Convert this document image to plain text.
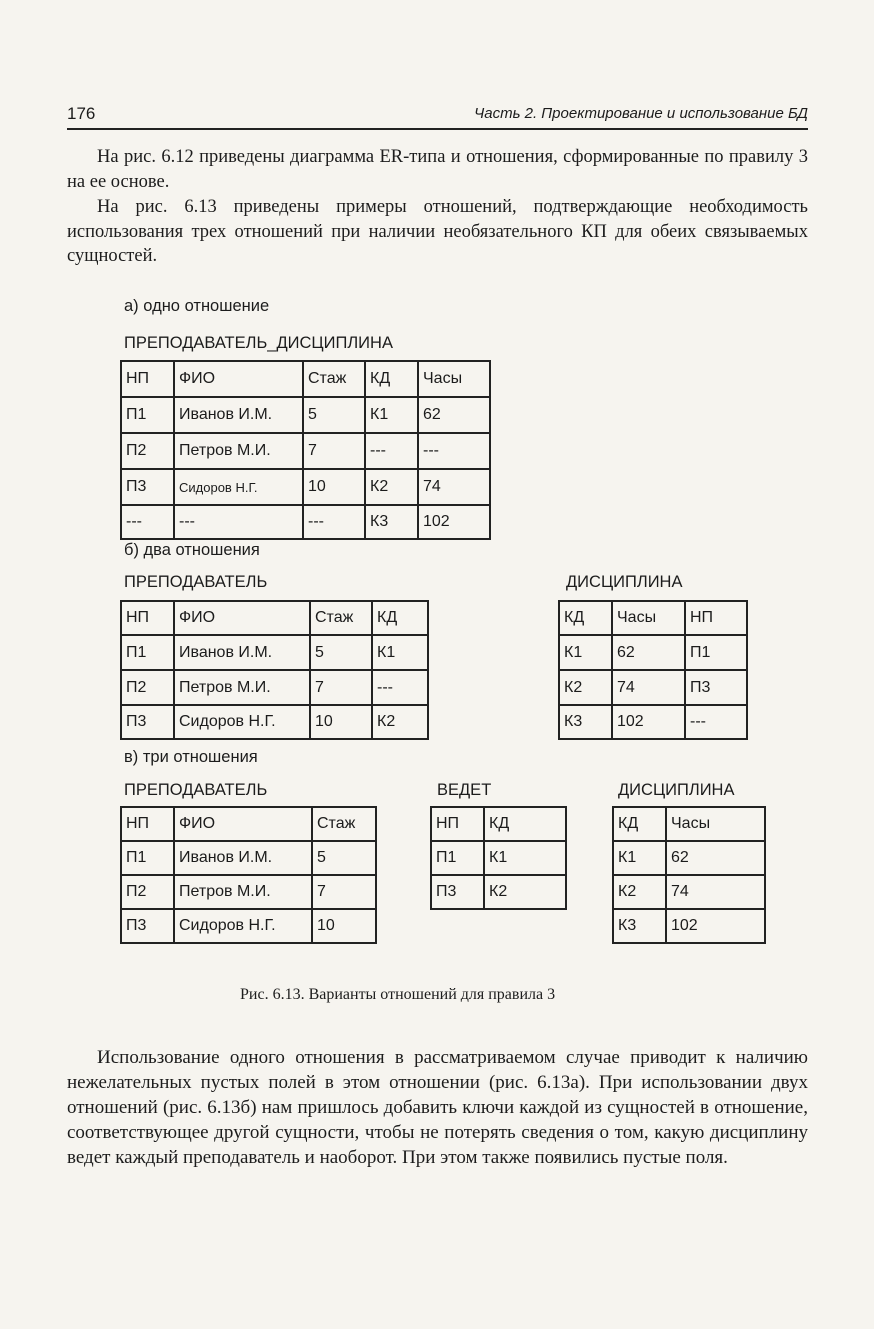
176	Часть 2. Проектирование и использование БД

На рис. 6.12 приведены диаграмма ER-типа и отношения, сформированные по правилу 3 на ее основе.

На рис. 6.13 приведены примеры отношений, подтверждающие необходимость использования трех отношений при наличии необязательного КП для обеих связываемых сущностей.

а) одно отношение
ПРЕПОДАВАТЕЛЬ_ДИСЦИПЛИНА
НП	ФИО	Стаж	КД	Часы
П1	Иванов И.М.	5	К1	62
П2	Петров М.И.	7	---	---
П3	Сидоров Н.Г.	10	К2	74
---	---	---	К3	102
б) два отношения
ПРЕПОДАВАТЕЛЬ
НП	ФИО	Стаж	КД
П1	Иванов И.М.	5	К1
П2	Петров М.И.	7	---
П3	Сидоров Н.Г.	10	К2
ДИСЦИПЛИНА
КД	Часы	НП
К1	62	П1
К2	74	П3
К3	102	---
в) три отношения
ПРЕПОДАВАТЕЛЬ
НП	ФИО	Стаж
П1	Иванов И.М.	5
П2	Петров М.И.	7
П3	Сидоров Н.Г.	10
ВЕДЕТ
НП	КД
П1	К1
П3	К2
ДИСЦИПЛИНА
КД	Часы
К1	62
К2	74
К3	102
Рис. 6.13. Варианты отношений для правила 3

Использование одного отношения в рассматриваемом случае приводит к наличию нежелательных пустых полей в этом отношении (рис. 6.13а). При использовании двух отношений (рис. 6.13б) нам пришлось добавить ключи каждой из сущностей в отношение, соответствующее другой сущности, чтобы не потерять сведения о том, какую дисциплину ведет каждый преподаватель и наоборот. При этом также появились пустые поля.
